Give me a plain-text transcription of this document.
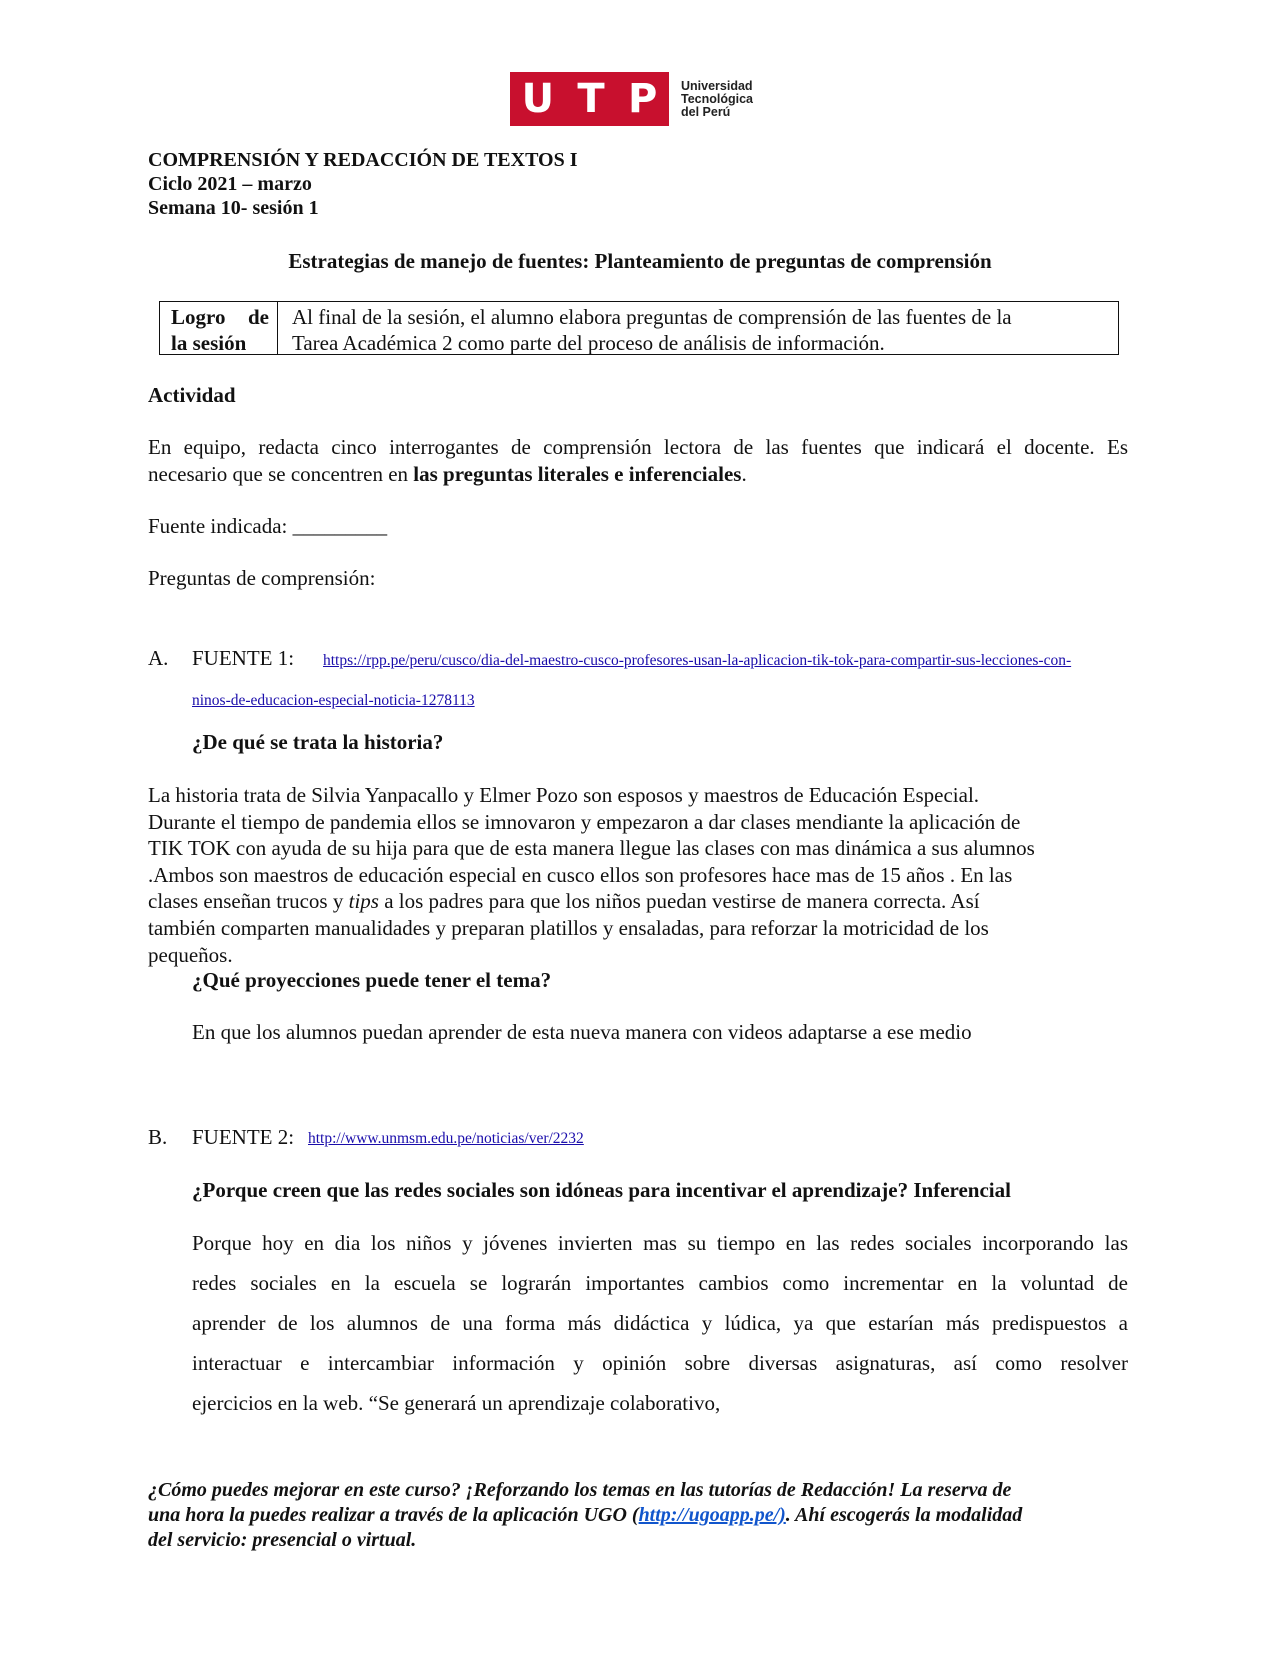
U T P Universidad
Tecnológica
del Perú
COMPRENSIÓN Y REDACCIÓN DE TEXTOS I
Ciclo 2021 – marzo
Semana 10- sesión 1
Estrategias de manejo de fuentes: Planteamiento de preguntas de comprensión
Logro de
la sesión
Al final de la sesión, el alumno elabora preguntas de comprensión de las fuentes de la
Tarea Académica 2 como parte del proceso de análisis de información.
Actividad
En equipo, redacta cinco interrogantes de comprensión lectora de las fuentes que indicará el docente. Es
necesario que se concentren en las preguntas literales e inferenciales.
Fuente indicada: _________
Preguntas de comprensión:
A. FUENTE 1: https://rpp.pe/peru/cusco/dia-del-maestro-cusco-profesores-usan-la-aplicacion-tik-tok-para-compartir-sus-lecciones-con-
ninos-de-educacion-especial-noticia-1278113
¿De qué se trata la historia?
La historia trata de Silvia Yanpacallo y Elmer Pozo son esposos y maestros de Educación Especial.
Durante el tiempo de pandemia ellos se imnovaron y empezaron a dar clases mendiante la aplicación de
TIK TOK con ayuda de su hija para que de esta manera llegue las clases con mas dinámica a sus alumnos
.Ambos son maestros de educación especial en cusco ellos son profesores hace mas de 15 años . En las
clases enseñan trucos y tips a los padres para que los niños puedan vestirse de manera correcta. Así
también comparten manualidades y preparan platillos y ensaladas, para reforzar la motricidad de los
pequeños.
¿Qué proyecciones puede tener el tema?
En que los alumnos puedan aprender de esta nueva manera con videos adaptarse a ese medio
B. FUENTE 2: http://www.unmsm.edu.pe/noticias/ver/2232
¿Porque creen que las redes sociales son idóneas para incentivar el aprendizaje? Inferencial
Porque hoy en dia los niños y jóvenes invierten mas su tiempo en las redes sociales incorporando las
redes sociales en la escuela se lograrán importantes cambios como incrementar en la voluntad de
aprender de los alumnos de una forma más didáctica y lúdica, ya que estarían más predispuestos a
interactuar e intercambiar información y opinión sobre diversas asignaturas, así como resolver
ejercicios en la web. “Se generará un aprendizaje colaborativo,
¿Cómo puedes mejorar en este curso? ¡Reforzando los temas en las tutorías de Redacción! La reserva de
una hora la puedes realizar a través de la aplicación UGO (http://ugoapp.pe/). Ahí escogerás la modalidad
del servicio: presencial o virtual.
